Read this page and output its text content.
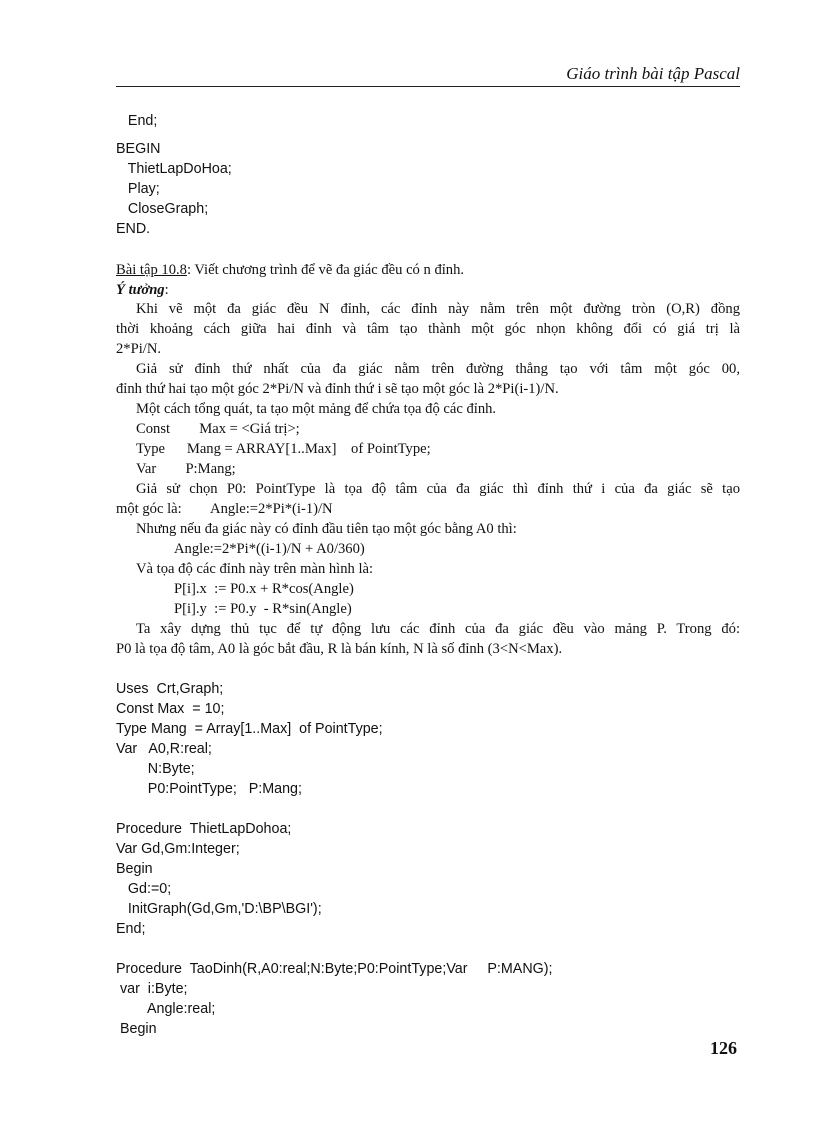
Giáo trình bài tập Pascal
End;
BEGIN
ThietLapDoHoa;
Play;
CloseGraph;
END.
Bài tập 10.8: Viết chương trình để vẽ đa giác đều có n đỉnh.
Ý tưởng:
Khi vẽ một đa giác đều N đỉnh, các đỉnh này nằm trên một đường tròn (O,R) đồng
thời khoảng cách giữa hai đỉnh và tâm tạo thành một góc nhọn không đổi có giá trị là
2*Pi/N.
Giả sử đỉnh thứ nhất của đa giác nằm trên đường thẳng tạo với tâm một góc 00,
đỉnh thứ hai tạo một góc 2*Pi/N và đỉnh thứ i sẽ tạo một góc là 2*Pi(i-1)/N.
Một cách tổng quát, ta tạo một mảng để chứa tọa độ các đỉnh.
Const        Max = <Giá trị>;
Type      Mang = ARRAY[1..Max]    of PointType;
Var        P:Mang;
Giả sử chọn P0: PointType là tọa độ tâm của đa giác thì đỉnh thứ i của đa giác sẽ tạo
một góc là:        Angle:=2*Pi*(i-1)/N
Nhưng nếu đa giác này có đỉnh đầu tiên tạo một góc bằng A0 thì:
Angle:=2*Pi*((i-1)/N + A0/360)
Và tọa độ các đỉnh này trên màn hình là:
P[i].x  := P0.x + R*cos(Angle)
P[i].y  := P0.y  - R*sin(Angle)
Ta xây dựng thủ tục để tự động lưu các đỉnh của đa giác đều vào mảng P. Trong đó:
P0 là tọa độ tâm, A0 là góc bắt đầu, R là bán kính, N là số đỉnh (3<N<Max).
Uses  Crt,Graph;
Const Max  = 10;
Type Mang  = Array[1..Max]  of PointType;
Var   A0,R:real;
N:Byte;
P0:PointType;   P:Mang;
Procedure  ThietLapDohoa;
Var Gd,Gm:Integer;
Begin
Gd:=0;
InitGraph(Gd,Gm,'D:\BP\BGI');
End;
Procedure  TaoDinh(R,A0:real;N:Byte;P0:PointType;Var     P:MANG);
var  i:Byte;
Angle:real;
Begin
126
